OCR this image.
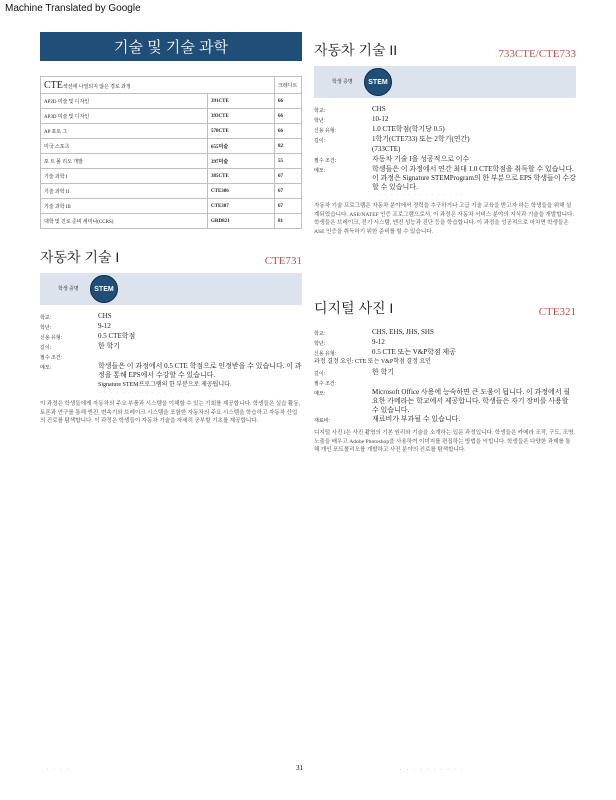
Machine Translated by Google
기술 및 기술 과학
CTE섹션에 나열되지 않은 경로 과정		크레디트
AP2D 미술 및 디자인	391CTE	66
AP3D 미술 및 디자인	393CTE	66
AP 포토 그	578CTE	66
미국 스포츠	655미술	82
포 트 폴 리오 개발	397미술	55
기술 과학 I	385CTE	67
기술 과학 II	CTE386	67
기술 과학 III	CTE387	67
대학 및 진로 준비 세미나(CCRS)	GRD821	81
자동차 기술 I	CTE731
학생 증명	STEM
학교:	CHS
학년:	9-12
신용 유형:	0.5 CTE학점
길이:	한 학기
필수 조건:
메모:	학생들은 이 과정에서 0.5 CTE 학점으로 인정받을 수 있습니다. 이 과정을 통해 EPS에서 수강할 수 있습니다.
Signature STEM프로그램의 한 부분으로 제공됩니다.
ᆞᆞᆞᆞᆞᆞᆞᆞᆞᆞᆞᆞᆞᆞᆞᆞ
이 과정은 학생들에게 자동차의 주요 부품과 시스템을 이해할 수 있는 기회를 제공합니다. 학생들은 실습 활동, 토론과 연구를 통해 엔진, 변속기와 브레이크 시스템을 포함한 자동차의 주요 시스템을 학습하고 자동차 산업의 진로를 탐색합니다. 이 과정은 학생들이 자동차 기술을 자세히 공부할 기초를 제공합니다.
자동차 기술 II	733CTE/CTE733
학생 증명	STEM
학교:	CHS
학년:	10-12
신용 유형:	1.0 CTE학점(학기당 0.5)
길이:	1학기(CTE733) 또는 2학기(연간)
(733CTE)
필수 조건:	자동차 기술 I을 성공적으로 이수
메모:	학생들은 이 과정에서 연간 최대 1.0 CTE학점을 취득할 수 있습니다. 이 과정은 Signature STEMProgram의 한 부분으로 EPS 학생들이 수강할 수 있습니다.
ᆞᆞᆞᆞᆞᆞᆞᆞᆞᆞᆞᆞᆞᆞᆞᆞ
자동차 기술 프로그램은 자동차 분야에서 경력을 추구하거나 고급 기술 교육을 받고자 하는 학생들을 위해 설계되었습니다. ASE/NATEF 인증 프로그램으로서, 이 과정은 자동차 서비스 분야의 지식과 기술을 개발합니다. 학생들은 브레이크, 전기 시스템, 엔진 성능과 진단 등을 학습합니다. 이 과정을 성공적으로 마치면 학생들은 ASE 인증을 취득하기 위한 준비를 할 수 있습니다.
디지털 사진 I	CTE321
학교:	CHS, EHS, JHS, SHS
학년:	9-12
신용 유형:	0.5 CTE 또는 V&P학점 제공
과정 결정 요인: CTE 또는 V&P학점 결정 요인
길이:	한 학기
필수 조건:
메모:	Microsoft Office 사용에 능숙하면 큰 도움이 됩니다. 이 과정에서 필요한 카메라는 학교에서 제공합니다. 학생들은 자기 장비를 사용할 수 있습니다.
재료비:	재료비가 부과될 수 있습니다.
디지털 사진 I은 사진 촬영의 기본 원리와 기술을 소개하는 입문 과정입니다. 학생들은 카메라 조작, 구도, 조명, 노출을 배우고 Adobe Photoshop을 사용하여 이미지를 편집하는 방법을 익힙니다. 학생들은 다양한 과제를 통해 개인 포트폴리오를 개발하고 사진 분야의 진로를 탐색합니다.
ᆞᆞᆞᆞ	31	ᆞᆞᆞᆞᆞᆞᆞᆞᆞᆞ
